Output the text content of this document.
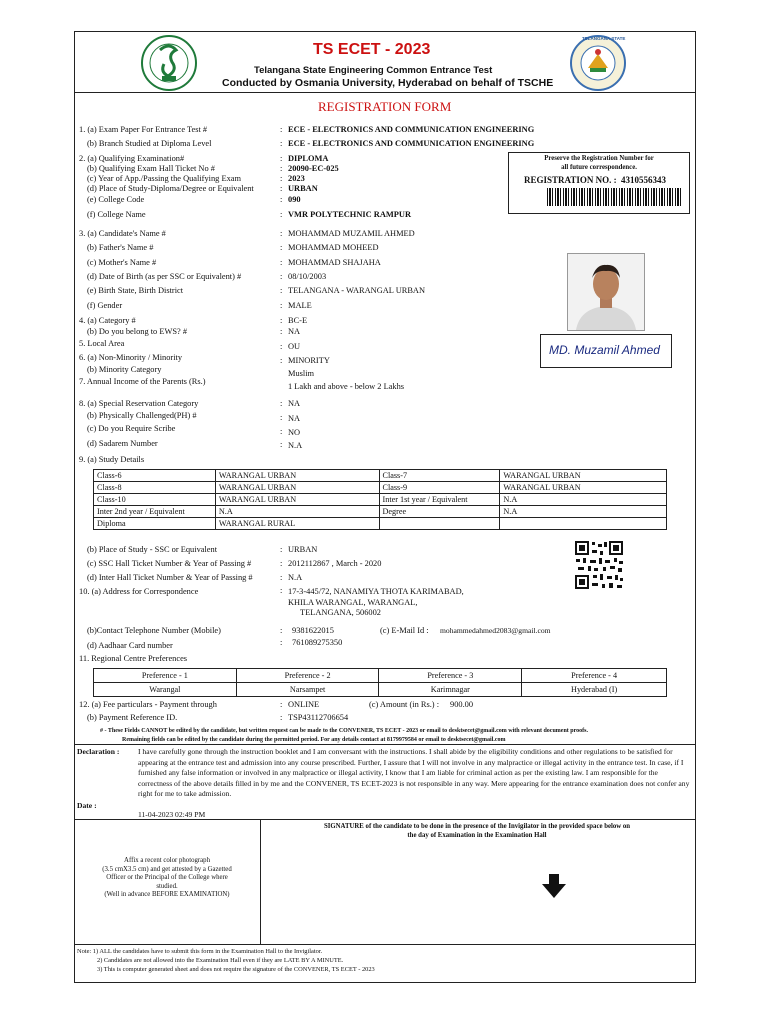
TELANGANA STATE
TS ECET - 2023
Telangana State Engineering Common Entrance Test
Conducted by Osmania University, Hyderabad on behalf of TSCHE
REGISTRATION FORM
1. (a) Exam Paper For Entrance Test #	: ECE - ELECTRONICS AND COMMUNICATION ENGINEERING
(b) Branch Studied at Diploma Level	: ECE - ELECTRONICS AND COMMUNICATION ENGINEERING
2. (a) Qualifying Examination#	: DIPLOMA
(b) Qualifying Exam Hall Ticket No #	: 20090-EC-025
(c) Year of App./Passing the Qualifying Exam	: 2023
(d) Place of Study-Diploma/Degree or Equivalent	: URBAN
(e) College Code	: 090
(f) College Name	: VMR POLYTECHNIC RAMPUR
Preserve the Registration Number for
all future correspondence.
REGISTRATION NO. : 4310556343
3. (a) Candidate's Name #	: MOHAMMAD MUZAMIL AHMED
(b) Father's Name #	: MOHAMMAD MOHEED
(c) Mother's Name #	: MOHAMMAD SHAJAHA
(d) Date of Birth (as per SSC or Equivalent) #	: 08/10/2003
(e) Birth State, Birth District	: TELANGANA - WARANGAL URBAN
(f) Gender	: MALE
MD. Muzamil Ahmed
4. (a) Category #	: BC-E
(b) Do you belong to EWS? #	: NA
5. Local Area	: OU
6. (a) Non-Minority / Minority	: MINORITY
(b) Minority Category	Muslim
7. Annual Income of the Parents (Rs.)
1 Lakh and above - below 2 Lakhs
8. (a) Special Reservation Category	: NA
(b) Physically Challenged(PH) #	: NA
(c) Do you Require Scribe	: NO
(d) Sadarem Number	: N.A
9. (a) Study Details
Class-6	WARANGAL URBAN	Class-7	WARANGAL URBAN
Class-8	WARANGAL URBAN	Class-9	WARANGAL URBAN
Class-10	WARANGAL URBAN	Inter 1st year / Equivalent	N.A
Inter 2nd year / Equivalent	N.A	Degree	N.A
Diploma	WARANGAL RURAL		
(b) Place of Study - SSC or Equivalent	: URBAN
(c) SSC Hall Ticket Number & Year of Passing #	: 2012112867 , March - 2020
(d) Inter Hall Ticket Number & Year of Passing #	: N.A
10. (a) Address for Correspondence	: 17-3-445/72, NANAMIYA THOTA KARIMABAD,
KHILA WARANGAL, WARANGAL,
TELANGANA, 506002
(b)Contact Telephone Number (Mobile)	: 9381622015	(c) E-Mail Id : mohammedahmed2083@gmail.com
(d) Aadhaar Card number	: 761089275350
11. Regional Centre Preferences
Preference - 1	Preference - 2	Preference - 3	Preference - 4
Warangal	Narsampet	Karimnagar	Hyderabad (I)
12. (a) Fee particulars - Payment through	: ONLINE	(c) Amount (in Rs.) : 900.00
(b) Payment Reference ID.	: TSP43112706654
# - These Fields CANNOT be edited by the candidate, but written request can be made to the CONVENER, TS ECET - 2023 or email to desktsecet@gmail.com with relevant document proofs.
Remaining fields can be edited by the candidate during the permitted period. For any details contact at 8179979584 or email to desktsecet@gmail.com
Declaration : I have carefully gone through the instruction booklet and I am conversant with the instructions. I shall abide by the eligibility conditions and other regulations to be satisfied for appearing at the entrance test and admission into any course prescribed. Further, I assure that I will not involve in any malpractice or illegal activity in the entrance test. In case, if I furnished any false information or involved in any malpractice or illegal activity, I know that I am liable for criminal action as per the existing law. I am responsible for the correctness of the above details filled in by me and the CONVENER, TS ECET-2023 is not responsible in any way. Mere appearing for the entrance examination does not confer any right for me to take admission.
Date :
11-04-2023 02:49 PM
Affix a recent color photograph
(3.5 cmX3.5 cm) and get attested by a Gazetted
Officer or the Principal of the College where
studied.
(Well in advance BEFORE EXAMINATION)
SIGNATURE of the candidate to be done in the presence of the Invigilator in the provided space below on
the day of Examination in the Examination Hall
Note: 1) ALL the candidates have to submit this form in the Examination Hall to the Invigilator.
2) Candidates are not allowed into the Examination Hall even if they are LATE BY A MINUTE.
3) This is computer generated sheet and does not require the signature of the CONVENER, TS ECET - 2023
